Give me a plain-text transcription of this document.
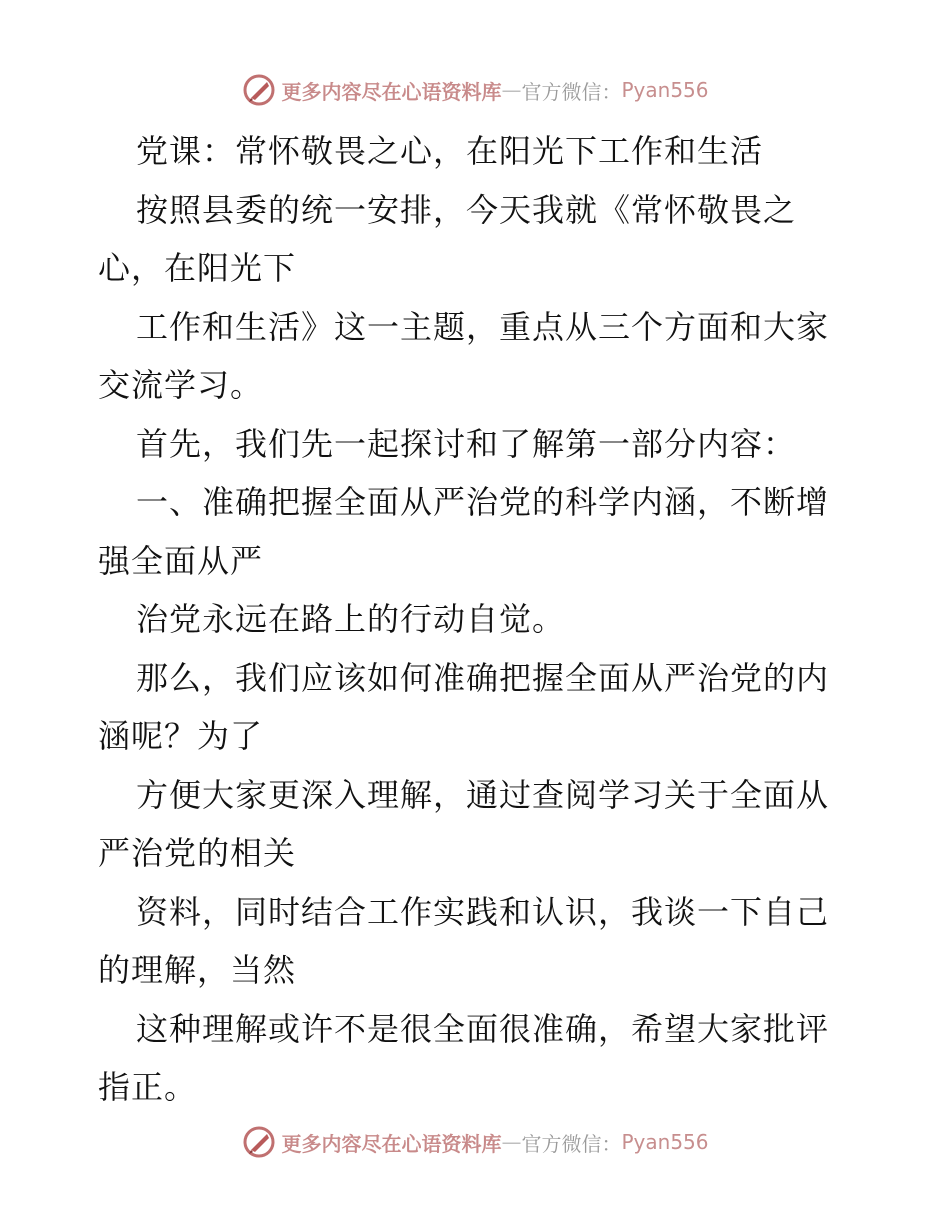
更多内容尽在心语资料库 — 官方微信： Pyan556
党课：常怀敬畏之心，在阳光下工作和生活
按照县委的统一安排，今天我就《常怀敬畏之
心，在阳光下
工作和生活》这一主题，重点从三个方面和大家
交流学习。
首先，我们先一起探讨和了解第一部分内容：
一、准确把握全面从严治党的科学内涵，不断增
强全面从严
治党永远在路上的行动自觉。
那么，我们应该如何准确把握全面从严治党的内
涵呢？为了
方便大家更深入理解，通过查阅学习关于全面从
严治党的相关
资料，同时结合工作实践和认识，我谈一下自己
的理解，当然
这种理解或许不是很全面很准确，希望大家批评
指正。
更多内容尽在心语资料库 — 官方微信： Pyan556
